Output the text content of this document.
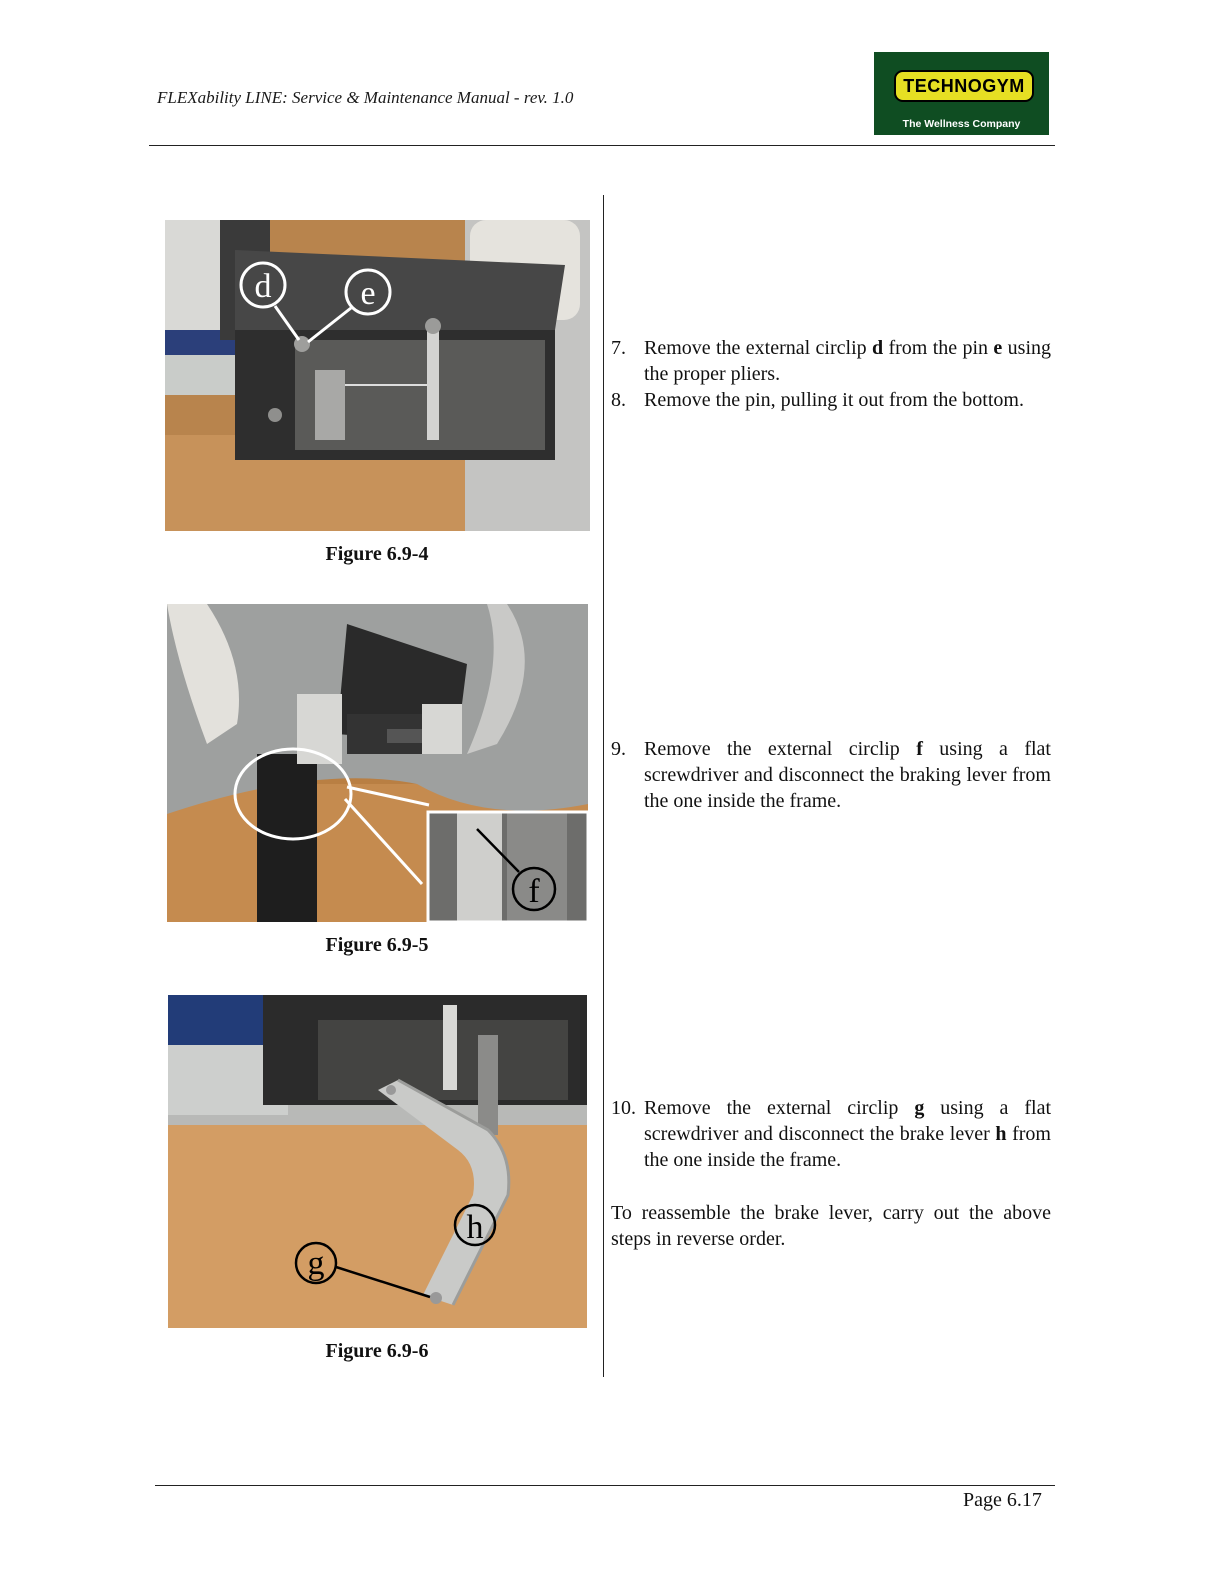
FLEXability LINE: Service & Maintenance Manual - rev. 1.0
TECHNOGYM
The Wellness Company
d	e
Figure 6.9-4
f
Figure 6.9-5
h
g
Figure 6.9-6
7. Remove the external circlip d from the pin e using the proper pliers.
8. Remove the pin, pulling it out from the bottom.
9. Remove the external circlip f using a flat screwdriver and disconnect the braking lever from the one inside the frame.
10. Remove the external circlip g using a flat screwdriver and disconnect the brake lever h from the one inside the frame.
To reassemble the brake lever, carry out the above steps in reverse order.
Page 6.17
